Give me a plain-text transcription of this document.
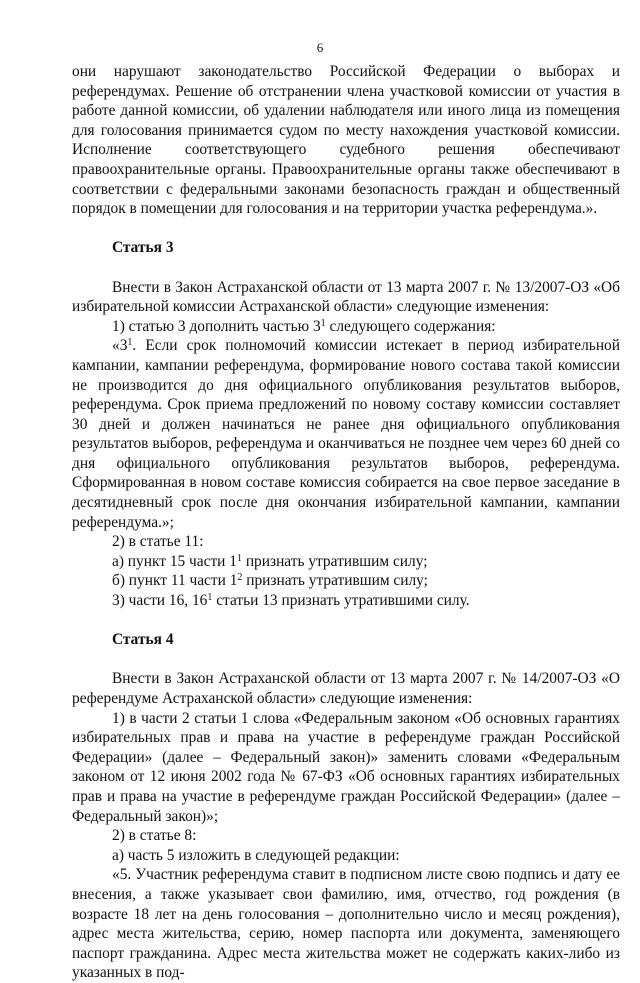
6

они нарушают законодательство Российской Федерации о выборах и референдумах. Решение об отстранении члена участковой комиссии от участия в работе данной комиссии, об удалении наблюдателя или иного лица из помещения для голосования принимается судом по месту нахождения участковой комиссии. Исполнение соответствующего судебного решения обеспечивают правоохранительные органы. Правоохранительные органы также обеспечивают в соответствии с федеральными законами безопасность граждан и общественный порядок в помещении для голосования и на территории участка референдума.».

Статья 3

Внести в Закон Астраханской области от 13 марта 2007 г. № 13/2007-ОЗ «Об избирательной комиссии Астраханской области» следующие изменения:

1) статью 3 дополнить частью $3^1$ следующего содержания:

«$3^1$. Если срок полномочий комиссии истекает в период избирательной кампании, кампании референдума, формирование нового состава такой комиссии не производится до дня официального опубликования результатов выборов, референдума. Срок приема предложений по новому составу комиссии составляет 30 дней и должен начинаться не ранее дня официального опубликования результатов выборов, референдума и оканчиваться не позднее чем через 60 дней со дня официального опубликования результатов выборов, референдума. Сформированная в новом составе комиссия собирается на свое первое заседание в десятидневный срок после дня окончания избирательной кампании, кампании референдума.»;

2) в статье 11:

а) пункт 15 части $1^1$ признать утратившим силу;

б) пункт 11 части $1^2$ признать утратившим силу;

3) части 16, $16^1$ статьи 13 признать утратившими силу.

Статья 4

Внести в Закон Астраханской области от 13 марта 2007 г. № 14/2007-ОЗ «О референдуме Астраханской области» следующие изменения:

1) в части 2 статьи 1 слова «Федеральным законом «Об основных гарантиях избирательных прав и права на участие в референдуме граждан Российской Федерации» (далее – Федеральный закон)» заменить словами «Федеральным законом от 12 июня 2002 года № 67-ФЗ «Об основных гарантиях избирательных прав и права на участие в референдуме граждан Российской Федерации» (далее – Федеральный закон)»;

2) в статье 8:

а) часть 5 изложить в следующей редакции:

«5. Участник референдума ставит в подписном листе свою подпись и дату ее внесения, а также указывает свои фамилию, имя, отчество, год рождения (в возрасте 18 лет на день голосования – дополнительно число и месяц рождения), адрес места жительства, серию, номер паспорта или документа, заменяющего паспорт гражданина. Адрес места жительства может не содержать каких-либо из указанных в под-
